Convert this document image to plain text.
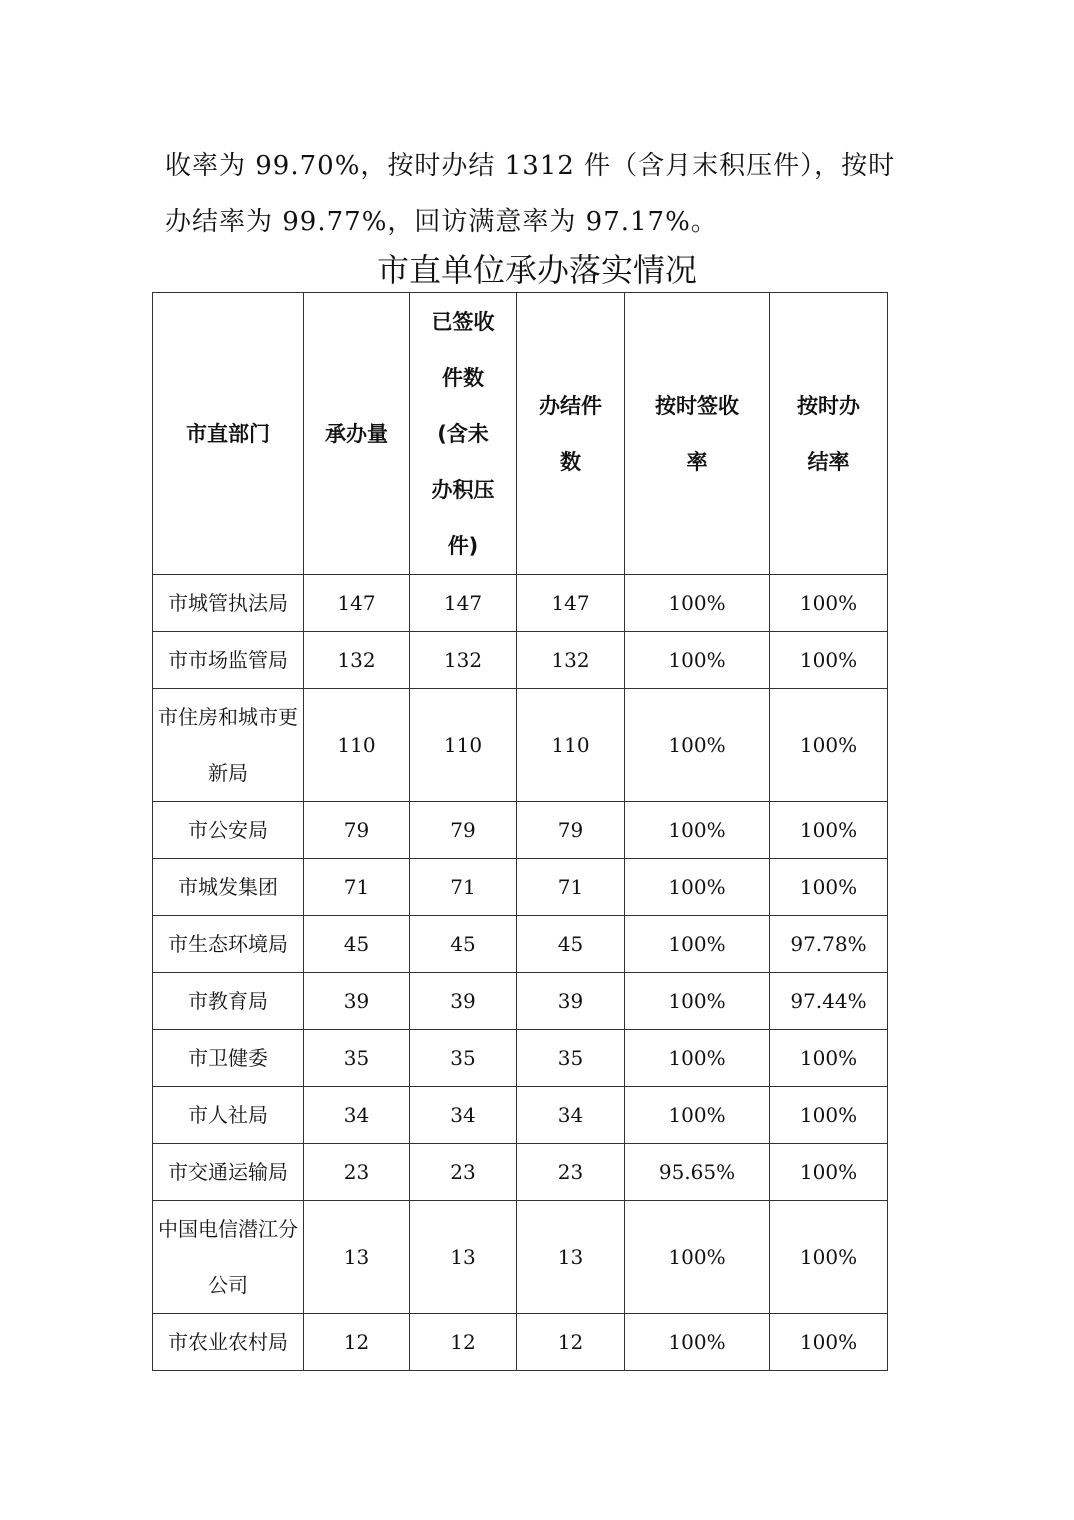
收率为 99.70%，按时办结 1312 件（含月末积压件），按时
办结率为 99.77%，回访满意率为 97.17%。
市直单位承办落实情况
市直部门	承办量	已签收
件数
(含未
办积压
件)	办结件
数	按时签收
率	按时办
结率
市城管执法局	147	147	147	100%	100%
市市场监管局	132	132	132	100%	100%
市住房和城市更新局	110	110	110	100%	100%
市公安局	79	79	79	100%	100%
市城发集团	71	71	71	100%	100%
市生态环境局	45	45	45	100%	97.78%
市教育局	39	39	39	100%	97.44%
市卫健委	35	35	35	100%	100%
市人社局	34	34	34	100%	100%
市交通运输局	23	23	23	95.65%	100%
中国电信潜江分公司	13	13	13	100%	100%
市农业农村局	12	12	12	100%	100%
